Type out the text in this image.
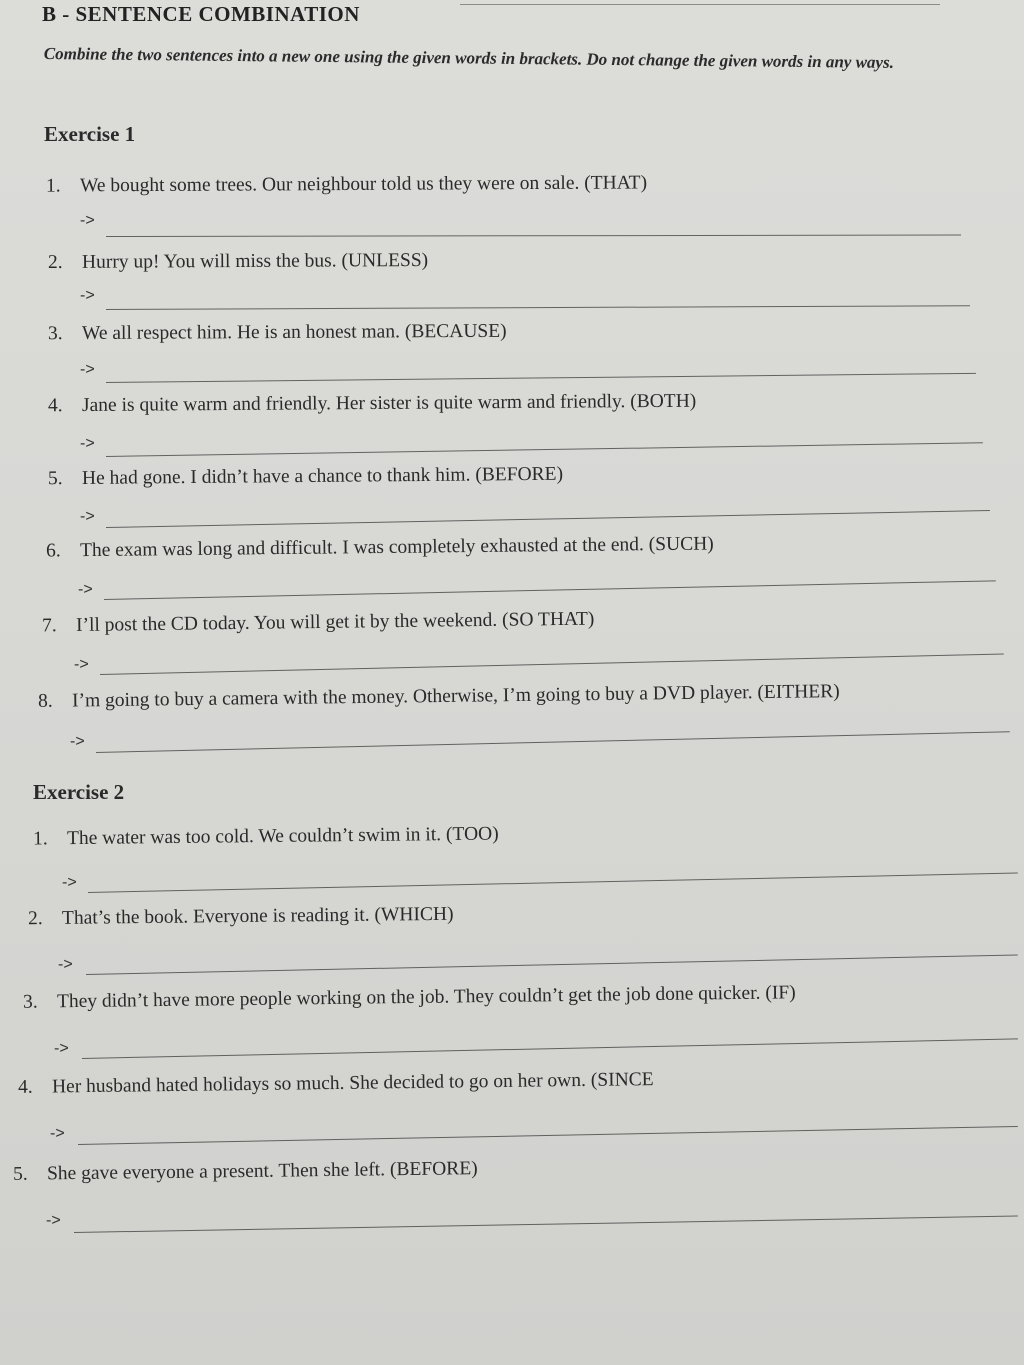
B - SENTENCE COMBINATION
Combine the two sentences into a new one using the given words in brackets. Do not change the given words in any ways.
Exercise 1
1. We bought some trees. Our neighbour told us they were on sale. (THAT)
->
2. Hurry up! You will miss the bus. (UNLESS)
->
3. We all respect him. He is an honest man. (BECAUSE)
->
4. Jane is quite warm and friendly. Her sister is quite warm and friendly. (BOTH)
->
5. He had gone. I didn’t have a chance to thank him. (BEFORE)
->
6. The exam was long and difficult. I was completely exhausted at the end. (SUCH)
->
7. I’ll post the CD today. You will get it by the weekend. (SO THAT)
->
8. I’m going to buy a camera with the money. Otherwise, I’m going to buy a DVD player. (EITHER)
->
Exercise 2
1. The water was too cold. We couldn’t swim in it. (TOO)
->
2. That’s the book. Everyone is reading it. (WHICH)
->
3. They didn’t have more people working on the job. They couldn’t get the job done quicker. (IF)
->
4. Her husband hated holidays so much. She decided to go on her own. (SINCE
->
5. She gave everyone a present. Then she left. (BEFORE)
->
